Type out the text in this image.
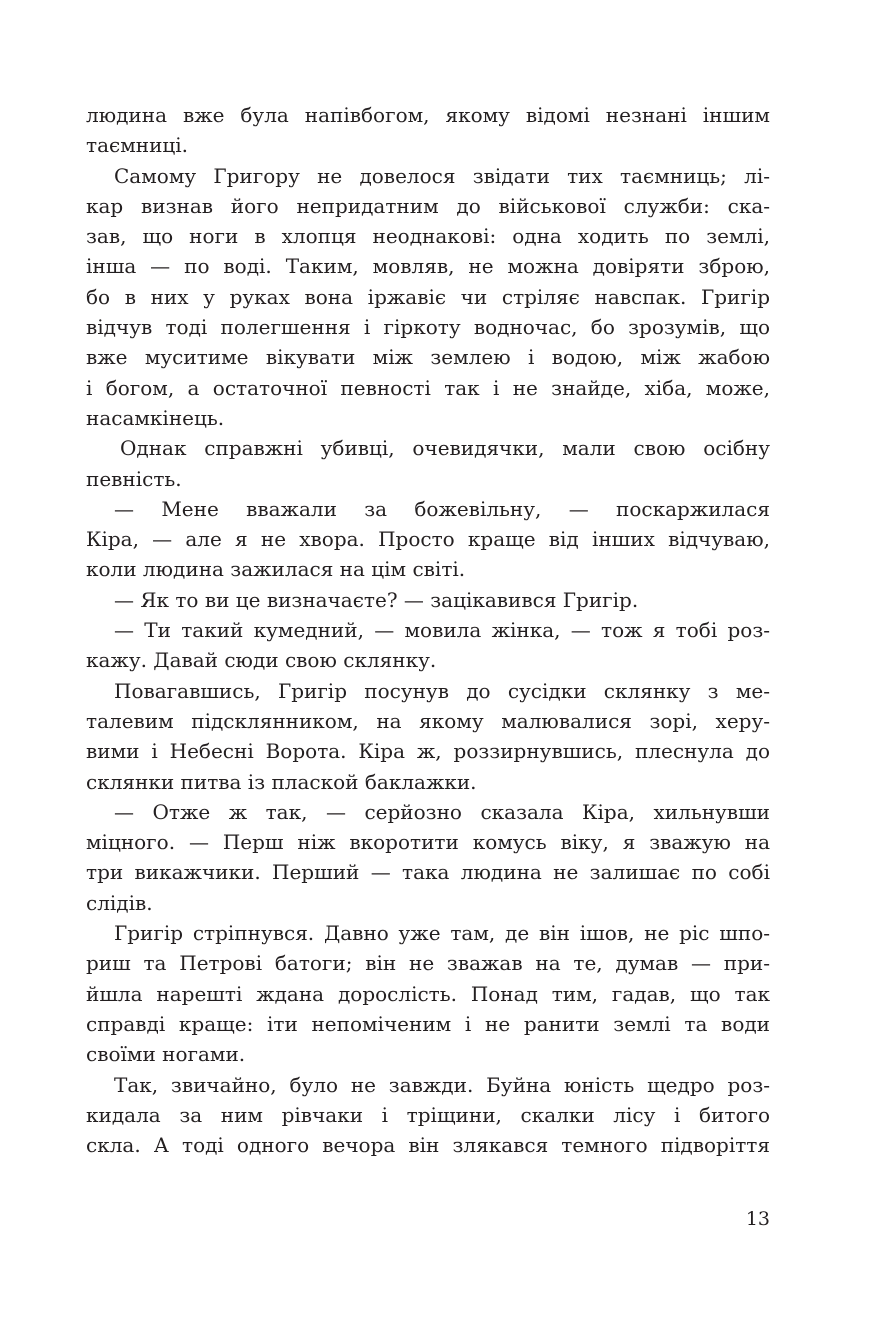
людина вже була напівбогом, якому відомі незнані іншим
таємниці.
Самому Григору не довелося звідати тих таємниць; лі-
кар визнав його непридатним до військової служби: ска-
зав, що ноги в хлопця неоднакові: одна ходить по землі,
інша — по воді. Таким, мовляв, не можна довіряти зброю,
бо в них у руках вона іржавіє чи стріляє навспак. Григір
відчув тоді полегшення і гіркоту водночас, бо зрозумів, що
вже муситиме вікувати між землею і водою, між жабою
і богом, а остаточної певності так і не знайде, хіба, може,
насамкінець.
Однак справжні убивці, очевидячки, мали свою осібну
певність.
— Мене вважали за божевільну, — поскаржилася
Кіра, — але я не хвора. Просто краще від інших відчуваю,
коли людина зажилася на цім світі.
— Як то ви це визначаєте? — зацікавився Григір.
— Ти такий кумедний, — мовила жінка, — тож я тобі роз-
кажу. Давай сюди свою склянку.
Повагавшись, Григір посунув до сусідки склянку з ме-
талевим підсклянником, на якому малювалися зорі, херу-
вими і Небесні Ворота. Кіра ж, роззирнувшись, плеснула до
склянки питва із плаской баклажки.
— Отже ж так, — серйозно сказала Кіра, хильнувши
міцного. — Перш ніж вкоротити комусь віку, я зважую на
три викажчики. Перший — така людина не залишає по собі
слідів.
Григір стріпнувся. Давно уже там, де він ішов, не ріс шпо-
риш та Петрові батоги; він не зважав на те, думав — при-
йшла нарешті ждана дорослість. Понад тим, гадав, що так
справді краще: іти непоміченим і не ранити землі та води
своїми ногами.
Так, звичайно, було не завжди. Буйна юність щедро роз-
кидала за ним рівчаки і тріщини, скалки лісу і битого
скла. А тоді одного вечора він злякався темного підворіття
13
